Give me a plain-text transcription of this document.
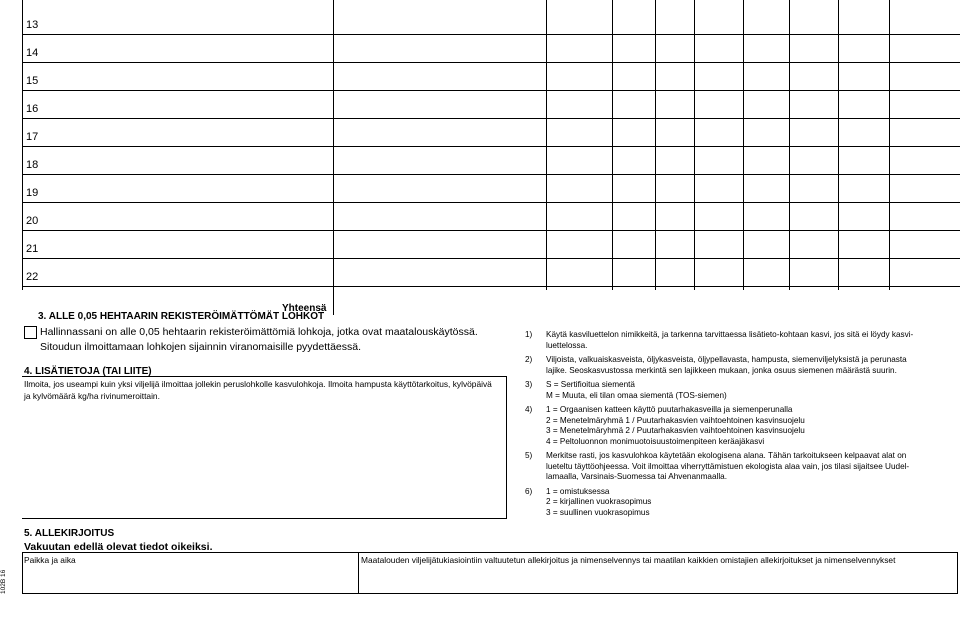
13
14
15
16
17
18
19
20
21
22
Yhteensä
3. ALLE 0,05 HEHTAARIN REKISTERÖIMÄTTÖMÄT LOHKOT
Hallinnassani on alle 0,05 hehtaarin rekisteröimättömiä lohkoja, jotka ovat maatalouskäytössä.
Sitoudun ilmoittamaan lohkojen sijainnin viranomaisille pyydettäessä.
4. LISÄTIETOJA (TAI LIITE)
Ilmoita, jos useampi kuin yksi viljelijä ilmoittaa jollekin peruslohkolle kasvulohkoja. Ilmoita hampusta käyttötarkoitus, kylvöpäivä
ja kylvömäärä kg/ha rivinumeroittain.
1) Käytä kasviluettelon nimikkeitä, ja tarkenna tarvittaessa lisätieto-kohtaan kasvi, jos sitä ei löydy kasvi-
luettelossa.
2) Viljoista, valkuaiskasveista, öljykasveista, öljypellavasta, hampusta, siemenviljelyksistä ja perunasta
lajike. Seoskasvustossa merkintä sen lajikkeen mukaan, jonka osuus siemenen määrästä suurin.
3) S = Sertifioitua siementä
M = Muuta, eli tilan omaa siementä (TOS-siemen)
4) 1 = Orgaanisen katteen käyttö puutarhakasveilla ja siemenperunalla
2 = Menetelmäryhmä 1 / Puutarhakasvien vaihtoehtoinen kasvinsuojelu
3 = Menetelmäryhmä 2 / Puutarhakasvien vaihtoehtoinen kasvinsuojelu
4 = Peltoluonnon monimuotoisuustoimenpiteen keräajäkasvi
5) Merkitse rasti, jos kasvulohkoa käytetään ekologisena alana. Tähän tarkoitukseen kelpaavat alat on
lueteltu täyttöohjeessa. Voit ilmoittaa viherryttämistuen ekologista alaa vain, jos tilasi sijaitsee Uudel-
lamaalla, Varsinais-Suomessa tai Ahvenanmaalla.
6) 1 = omistuksessa
2 = kirjallinen vuokrasopimus
3 = suullinen vuokrasopimus
5. ALLEKIRJOITUS
Vakuutan edellä olevat tiedot oikeiksi.
Paikka ja aika	Maatalouden viljelijätukiasiointiin valtuutetun allekirjoitus ja nimenselvennys tai maatilan kaikkien omistajien allekirjoitukset ja nimenselvennykset
102B 16
